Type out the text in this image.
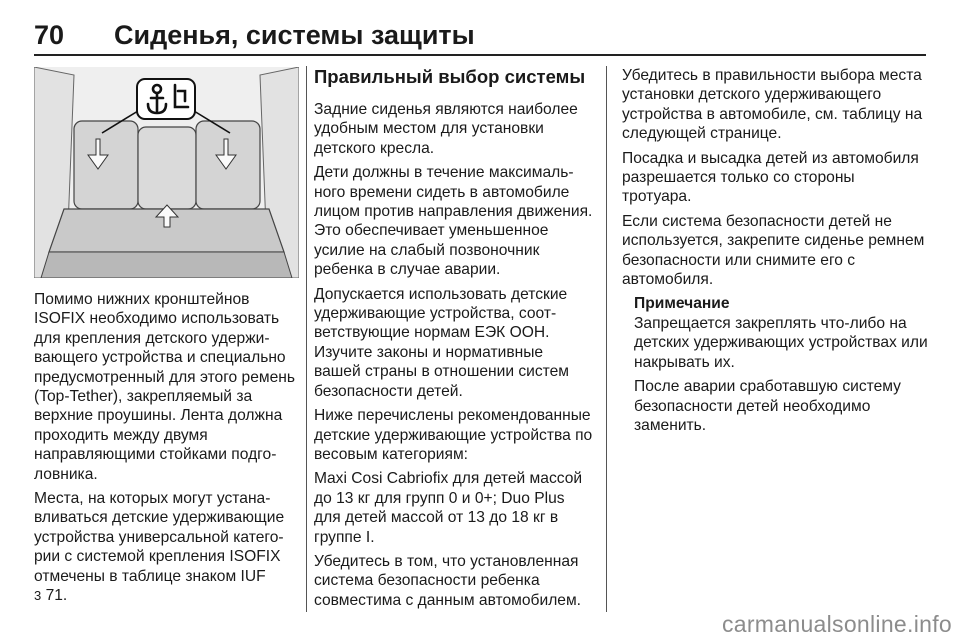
70 Сиденья, системы защиты

Помимо нижних кронштейнов ISOFIX необходимо использовать для крепления детского удерживающего устройства и специально предусмотренный для этого ремень (Top-Tether), закрепляемый за верхние проушины. Лента должна проходить между двумя направляющими стойками подголовника.

Места, на которых могут устанавливаться детские удерживающие устройства универсальной категории с системой крепления ISOFIX отмечены в таблице знаком IUF
3 71.

Правильный выбор системы

Задние сиденья являются наиболее удобным местом для установки детского кресла.

Дети должны в течение максимального времени сидеть в автомобиле лицом против направления движения. Это обеспечивает уменьшенное усилие на слабый позвоночник ребенка в случае аварии.

Допускается использовать детские удерживающие устройства, соответствующие нормам ЕЭК ООН. Изучите законы и нормативные вашей страны в отношении систем безопасности детей.

Ниже перечислены рекомендованные детские удерживающие устройства по весовым категориям:

Maxi Cosi Cabriofix для детей массой до 13 кг для групп 0 и 0+; Duo Plus для детей массой от 13 до 18 кг в группе I.

Убедитесь в том, что установленная система безопасности ребенка совместима с данным автомобилем.

Убедитесь в правильности выбора места установки детского удерживающего устройства в автомобиле, см. таблицу на следующей странице.

Посадка и высадка детей из автомобиля разрешается только со стороны тротуара.

Если система безопасности детей не используется, закрепите сиденье ремнем безопасности или снимите его с автомобиля.

Примечание

Запрещается закреплять что-либо на детских удерживающих устройствах или накрывать их.

После аварии сработавшую систему безопасности детей необходимо заменить.

carmanualsonline.info
